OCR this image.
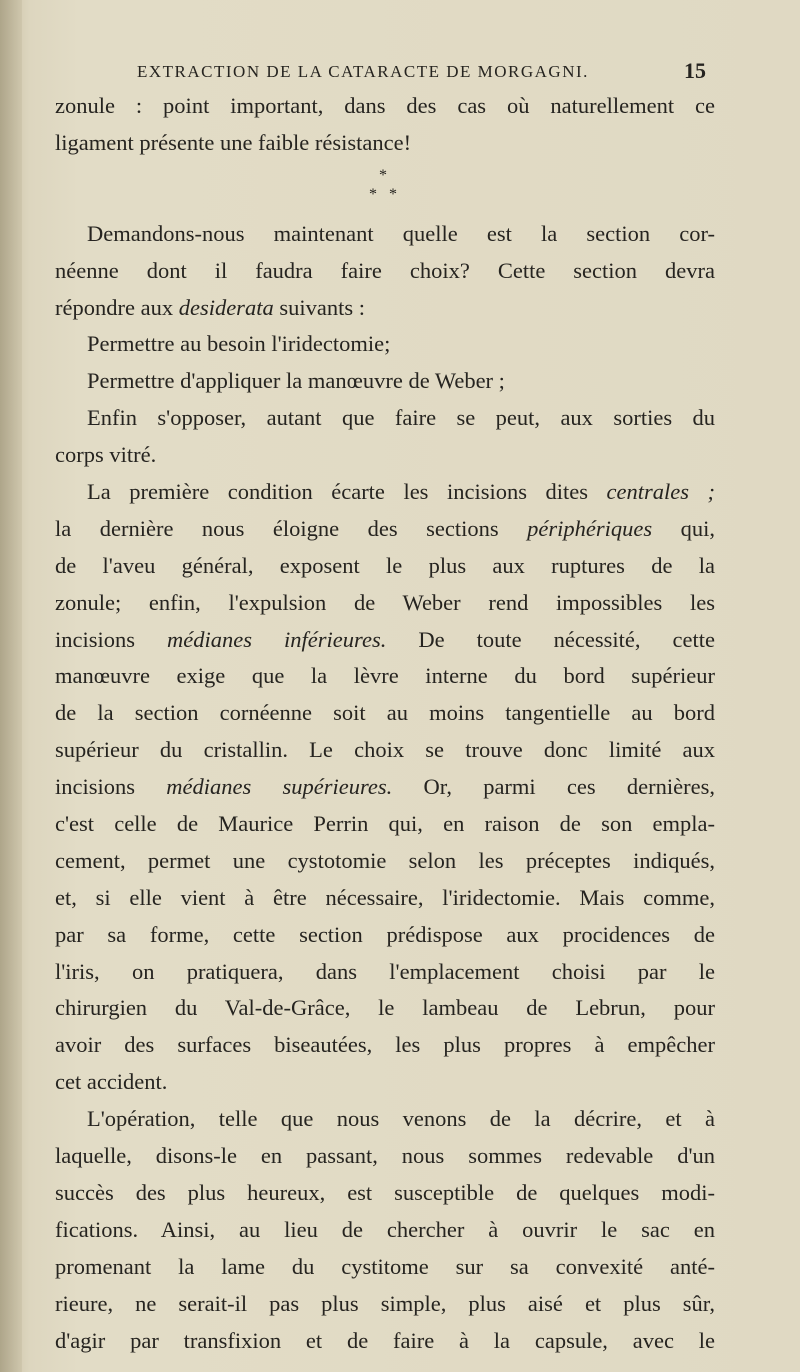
EXTRACTION DE LA CATARACTE DE MORGAGNI.	15
zonule : point important, dans des cas où naturellement ce
ligament présente une faible résistance!
*
* *
Demandons-nous maintenant quelle est la section cor-
néenne dont il faudra faire choix? Cette section devra
répondre aux desiderata suivants :
Permettre au besoin l'iridectomie;
Permettre d'appliquer la manœuvre de Weber ;
Enfin s'opposer, autant que faire se peut, aux sorties du
corps vitré.
La première condition écarte les incisions dites centrales ;
la dernière nous éloigne des sections périphériques qui,
de l'aveu général, exposent le plus aux ruptures de la
zonule; enfin, l'expulsion de Weber rend impossibles les
incisions médianes inférieures. De toute nécessité, cette
manœuvre exige que la lèvre interne du bord supérieur
de la section cornéenne soit au moins tangentielle au bord
supérieur du cristallin. Le choix se trouve donc limité aux
incisions médianes supérieures. Or, parmi ces dernières,
c'est celle de Maurice Perrin qui, en raison de son empla-
cement, permet une cystotomie selon les préceptes indiqués,
et, si elle vient à être nécessaire, l'iridectomie. Mais comme,
par sa forme, cette section prédispose aux procidences de
l'iris, on pratiquera, dans l'emplacement choisi par le
chirurgien du Val-de-Grâce, le lambeau de Lebrun, pour
avoir des surfaces biseautées, les plus propres à empêcher
cet accident.
L'opération, telle que nous venons de la décrire, et à
laquelle, disons-le en passant, nous sommes redevable d'un
succès des plus heureux, est susceptible de quelques modi-
fications. Ainsi, au lieu de chercher à ouvrir le sac en
promenant la lame du cystitome sur sa convexité anté-
rieure, ne serait-il pas plus simple, plus aisé et plus sûr,
d'agir par transfixion et de faire à la capsule, avec le
